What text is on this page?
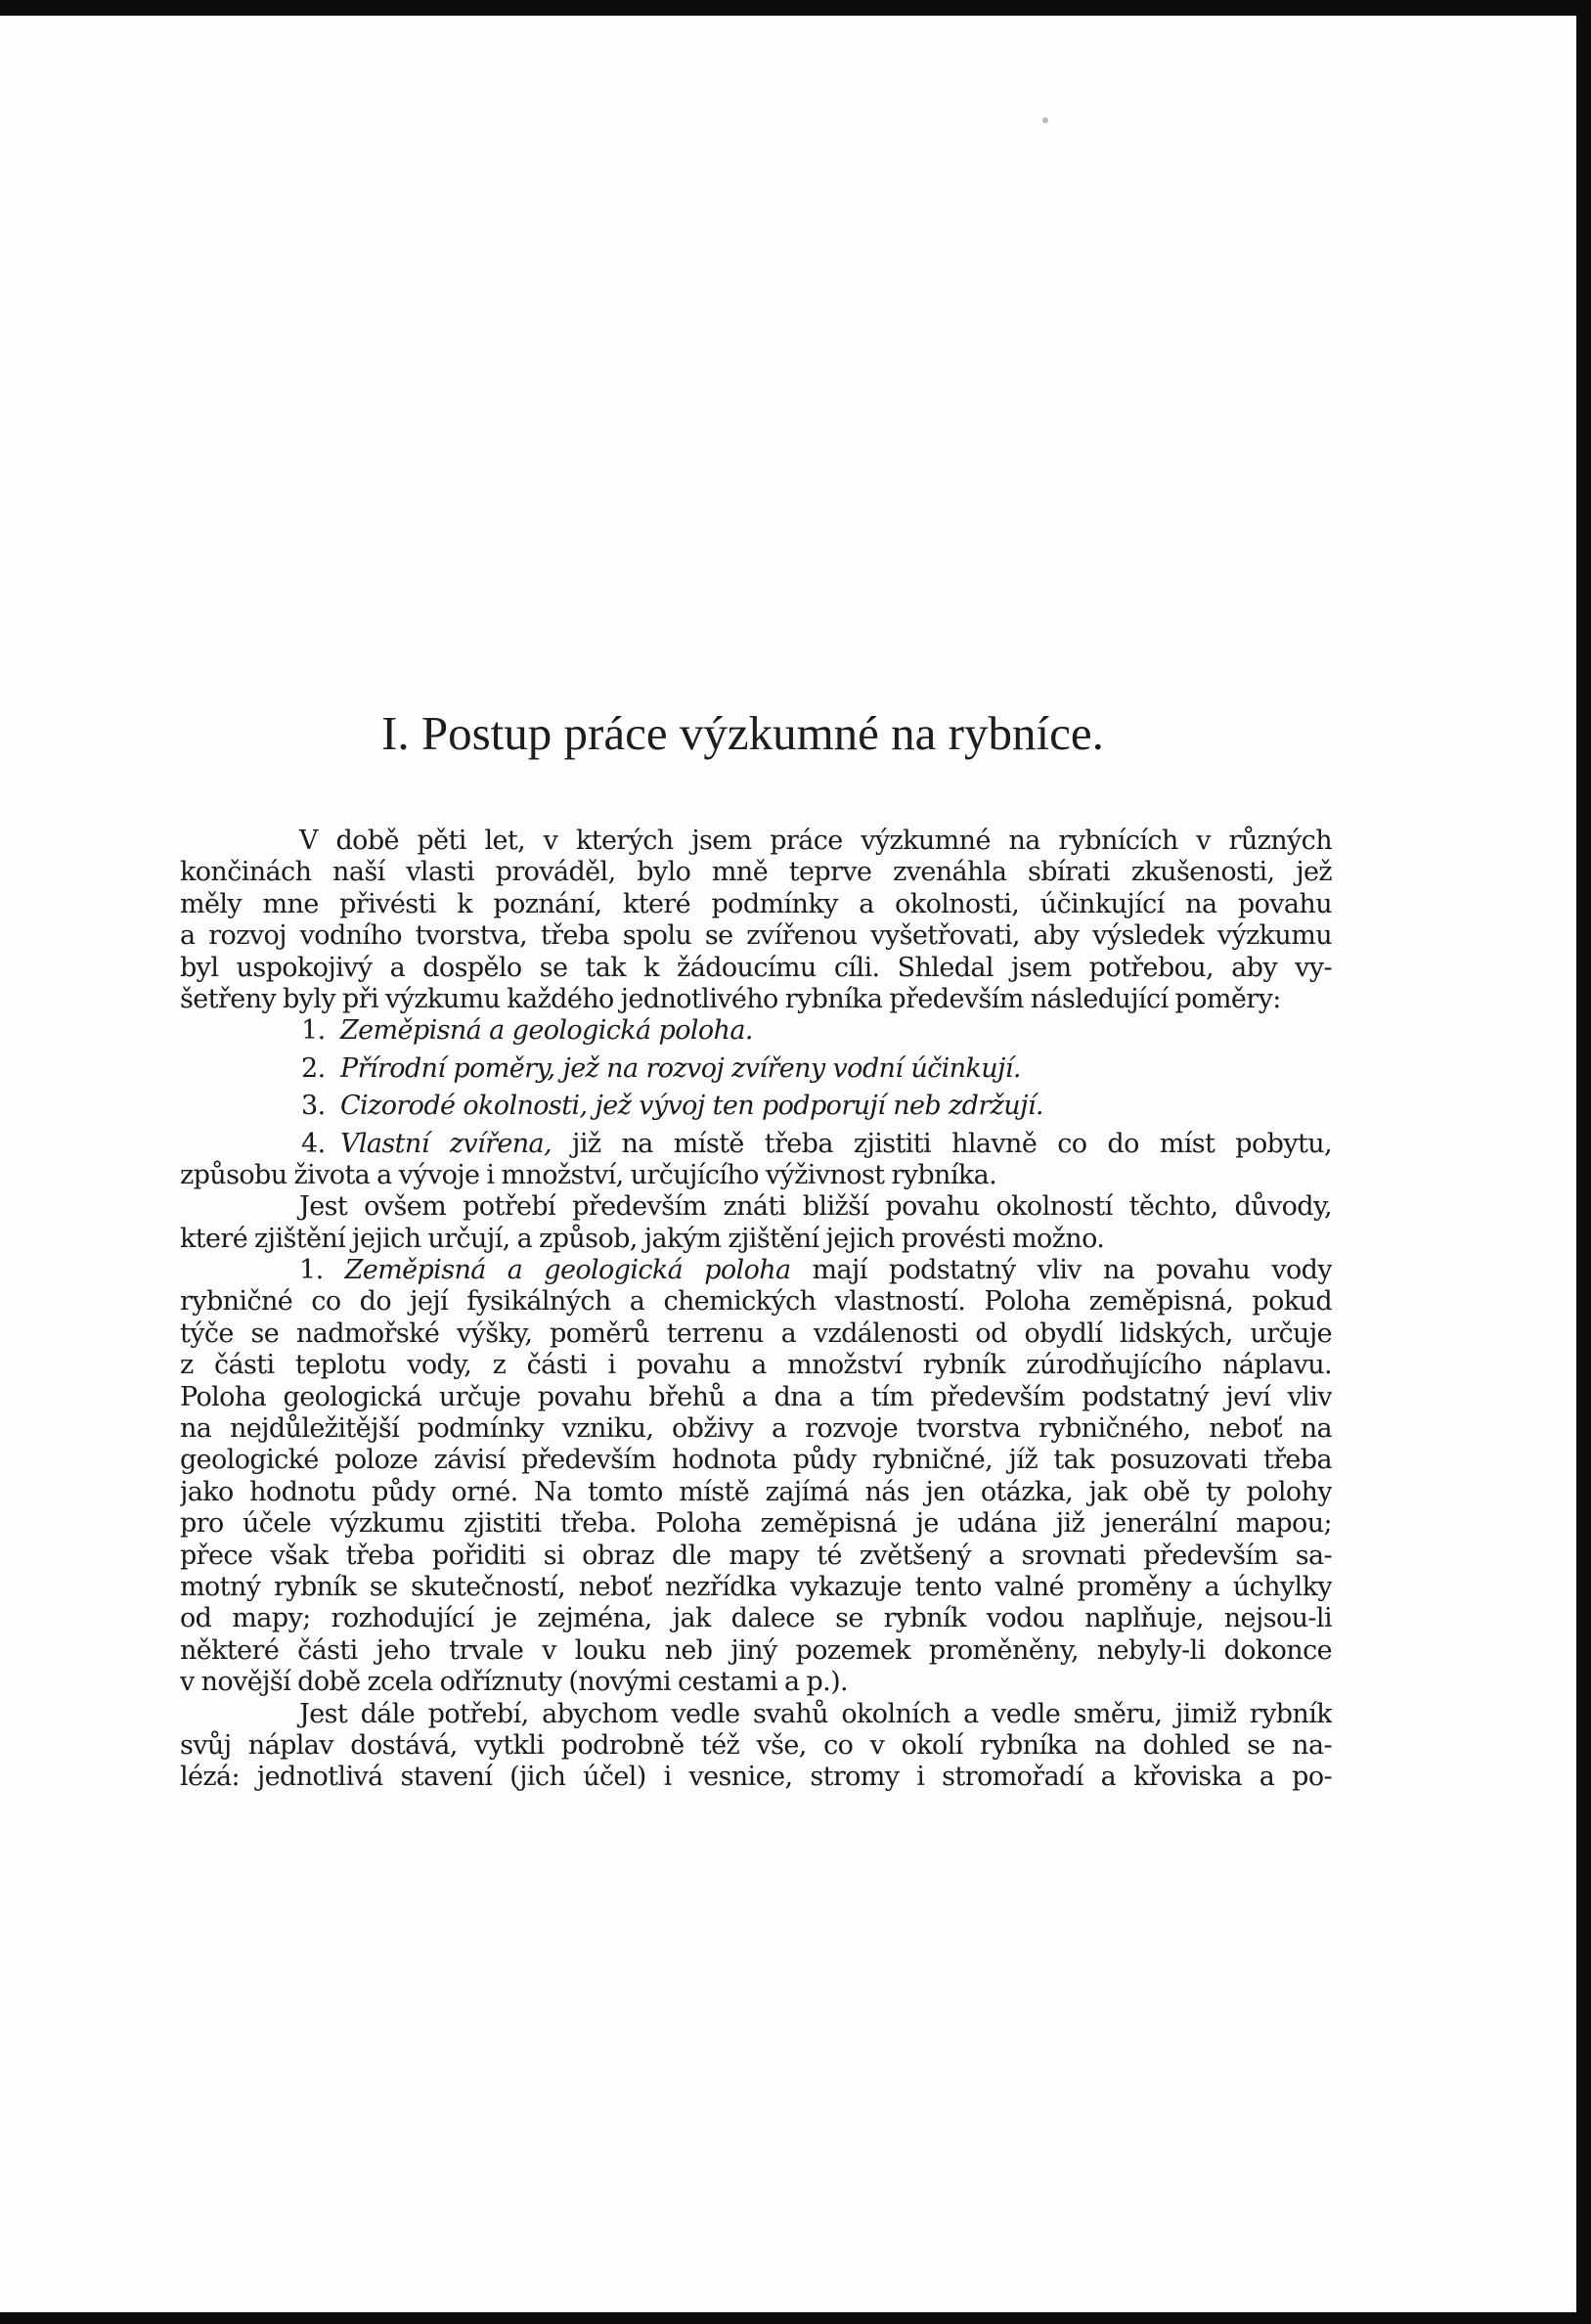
I. Postup práce výzkumné na rybníce.
V době pěti let, v kterých jsem práce výzkumné na rybnících v různých
končinách naší vlasti prováděl, bylo mně teprve zvenáhla sbírati zkušenosti, jež
měly mne přivésti k poznání, které podmínky a okolnosti, účinkující na povahu
a rozvoj vodního tvorstva, třeba spolu se zvířenou vyšetřovati, aby výsledek výzkumu
byl uspokojivý a dospělo se tak k žádoucímu cíli. Shledal jsem potřebou, aby vy-
šetřeny byly při výzkumu každého jednotlivého rybníka především následující poměry:
1. Zeměpisná a geologická poloha.
2. Přírodní poměry, jež na rozvoj zvířeny vodní účinkují.
3. Cizorodé okolnosti, jež vývoj ten podporují neb zdržují.
4. Vlastní zvířena, již na místě třeba zjistiti hlavně co do míst pobytu,
způsobu života a vývoje i množství, určujícího výživnost rybníka.
Jest ovšem potřebí především znáti bližší povahu okolností těchto, důvody,
které zjištění jejich určují, a způsob, jakým zjištění jejich provésti možno.
1. Zeměpisná a geologická poloha mají podstatný vliv na povahu vody
rybničné co do její fysikálných a chemických vlastností. Poloha zeměpisná, pokud
týče se nadmořské výšky, poměrů terrenu a vzdálenosti od obydlí lidských, určuje
z části teplotu vody, z části i povahu a množství rybník zúrodňujícího náplavu.
Poloha geologická určuje povahu břehů a dna a tím především podstatný jeví vliv
na nejdůležitější podmínky vzniku, obživy a rozvoje tvorstva rybničného, neboť na
geologické poloze závisí především hodnota půdy rybničné, jíž tak posuzovati třeba
jako hodnotu půdy orné. Na tomto místě zajímá nás jen otázka, jak obě ty polohy
pro účele výzkumu zjistiti třeba. Poloha zeměpisná je udána již jenerální mapou;
přece však třeba pořiditi si obraz dle mapy té zvětšený a srovnati především sa-
motný rybník se skutečností, neboť nezřídka vykazuje tento valné proměny a úchylky
od mapy; rozhodující je zejména, jak dalece se rybník vodou naplňuje, nejsou-li
některé části jeho trvale v louku neb jiný pozemek proměněny, nebyly-li dokonce
v novější době zcela odříznuty (novými cestami a p.).
Jest dále potřebí, abychom vedle svahů okolních a vedle směru, jimiž rybník
svůj náplav dostává, vytkli podrobně též vše, co v okolí rybníka na dohled se na-
lézá: jednotlivá stavení (jich účel) i vesnice, stromy i stromořadí a křoviska a po-
